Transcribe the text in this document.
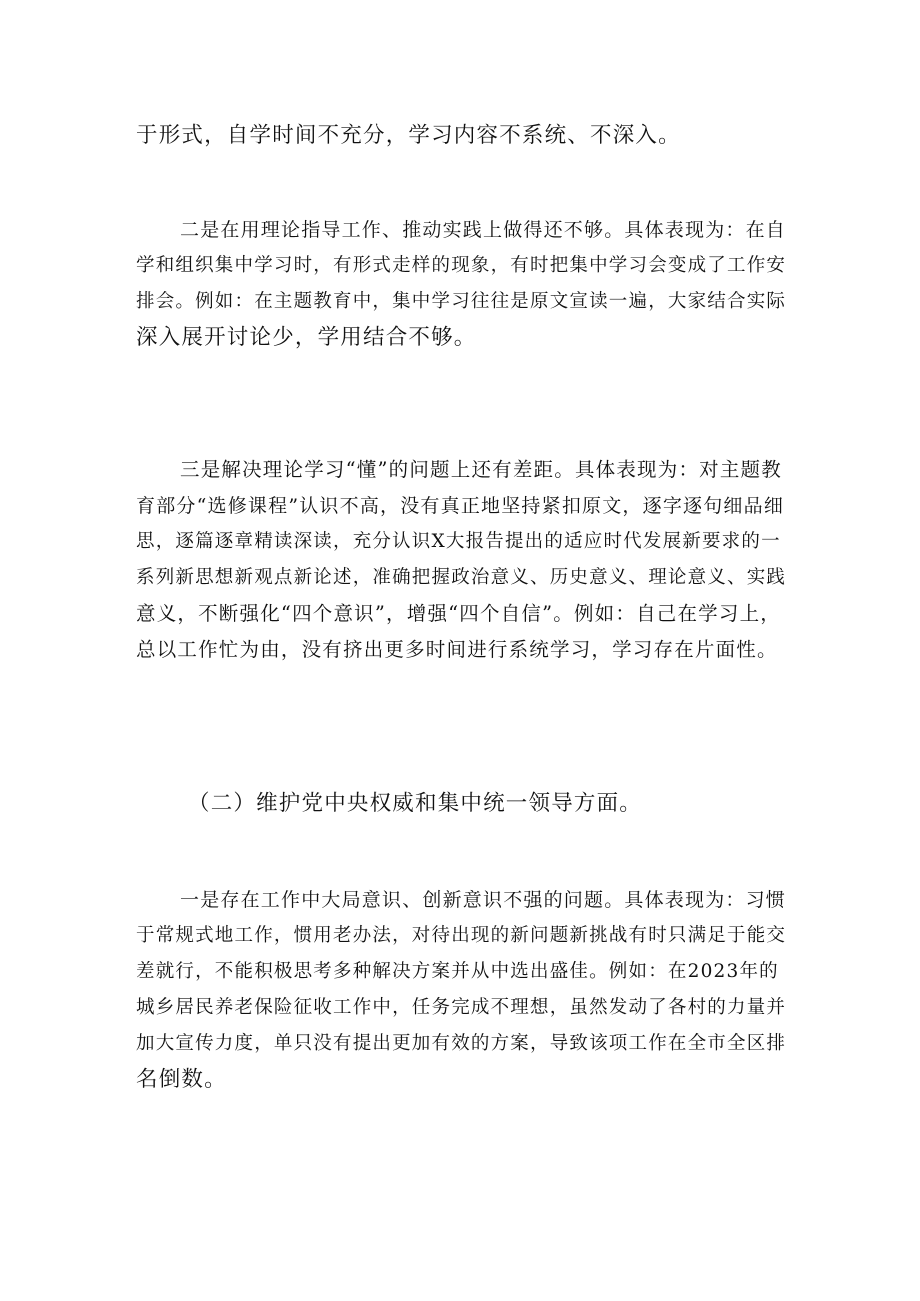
于形式，自学时间不充分，学习内容不系统、不深入。
二是在用理论指导工作、推动实践上做得还不够。具体表现为：在自
学和组织集中学习时，有形式走样的现象，有时把集中学习会变成了工作安
排会。例如：在主题教育中，集中学习往往是原文宣读一遍，大家结合实际
深入展开讨论少，学用结合不够。
三是解决理论学习“懂”的问题上还有差距。具体表现为：对主题教
育部分“选修课程”认识不高，没有真正地坚持紧扣原文，逐字逐句细品细
思，逐篇逐章精读深读，充分认识X大报告提出的适应时代发展新要求的一
系列新思想新观点新论述，准确把握政治意义、历史意义、理论意义、实践
意义，不断强化“四个意识”，增强“四个自信”。例如：自己在学习上，
总以工作忙为由，没有挤出更多时间进行系统学习，学习存在片面性。
（二）维护党中央权威和集中统一领导方面。
一是存在工作中大局意识、创新意识不强的问题。具体表现为：习惯
于常规式地工作，惯用老办法，对待出现的新问题新挑战有时只满足于能交
差就行，不能积极思考多种解决方案并从中选出盛佳。例如：在2023年的
城乡居民养老保险征收工作中，任务完成不理想，虽然发动了各村的力量并
加大宣传力度，单只没有提出更加有效的方案，导致该项工作在全市全区排
名倒数。
